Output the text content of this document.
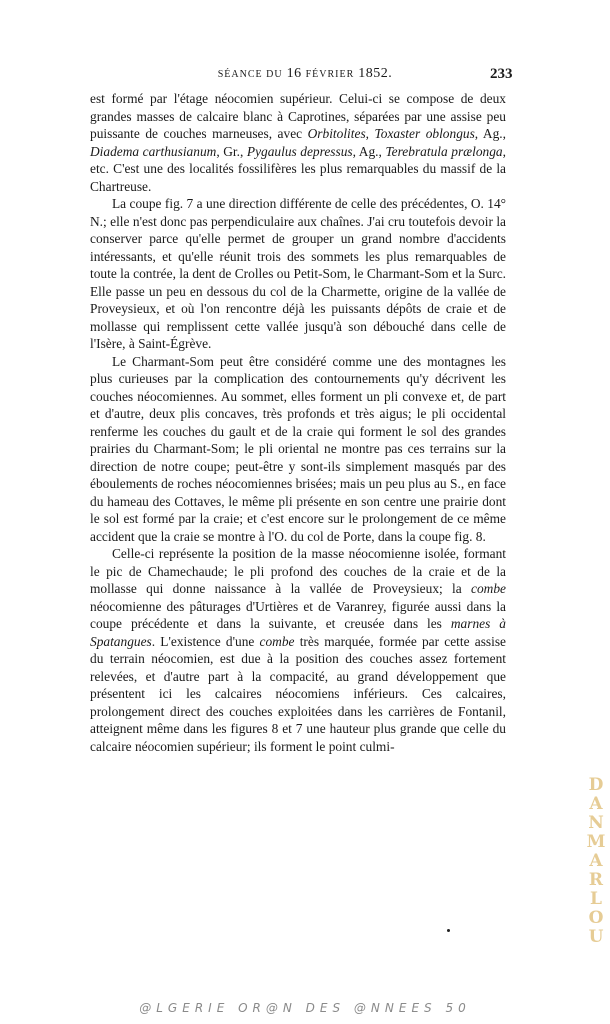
SÉANCE DU 16 FÉVRIER 1852.	233

est formé par l'étage néocomien supérieur. Celui-ci se compose de deux grandes masses de calcaire blanc à Caprotines, séparées par une assise peu puissante de couches marneuses, avec Orbitolites, Toxaster oblongus, Ag., Diadema carthusianum, Gr., Pygaulus depressus, Ag., Terebratula prælonga, etc. C'est une des localités fossilifères les plus remarquables du massif de la Chartreuse.

La coupe fig. 7 a une direction différente de celle des précédentes, O. 14° N.; elle n'est donc pas perpendiculaire aux chaînes. J'ai cru toutefois devoir la conserver parce qu'elle permet de grouper un grand nombre d'accidents intéressants, et qu'elle réunit trois des sommets les plus remarquables de toute la contrée, la dent de Crolles ou Petit-Som, le Charmant-Som et la Surc. Elle passe un peu en dessous du col de la Charmette, origine de la vallée de Proveysieux, et où l'on rencontre déjà les puissants dépôts de craie et de mollasse qui remplissent cette vallée jusqu'à son débouché dans celle de l'Isère, à Saint-Égrève.

Le Charmant-Som peut être considéré comme une des montagnes les plus curieuses par la complication des contournements qu'y décrivent les couches néocomiennes. Au sommet, elles forment un pli convexe et, de part et d'autre, deux plis concaves, très profonds et très aigus; le pli occidental renferme les couches du gault et de la craie qui forment le sol des grandes prairies du Charmant-Som; le pli oriental ne montre pas ces terrains sur la direction de notre coupe; peut-être y sont-ils simplement masqués par des éboulements de roches néocomiennes brisées; mais un peu plus au S., en face du hameau des Cottaves, le même pli présente en son centre une prairie dont le sol est formé par la craie; et c'est encore sur le prolongement de ce même accident que la craie se montre à l'O. du col de Porte, dans la coupe fig. 8.

Celle-ci représente la position de la masse néocomienne isolée, formant le pic de Chamechaude; le pli profond des couches de la craie et de la mollasse qui donne naissance à la vallée de Proveysieux; la combe néocomienne des pâturages d'Urtières et de Varanrey, figurée aussi dans la coupe précédente et dans la suivante, et creusée dans les marnes à Spatangues. L'existence d'une combe très marquée, formée par cette assise du terrain néocomien, est due à la position des couches assez fortement relevées, et d'autre part à la compacité, au grand développement que présentent ici les calcaires néocomiens inférieurs. Ces calcaires, prolongement direct des couches exploitées dans les carrières de Fontanil, atteignent même dans les figures 8 et 7 une hauteur plus grande que celle du calcaire néocomien supérieur; ils forment le point culmi-

DANMARLOU
@LGERIE OR@N DES @NNEES 50
